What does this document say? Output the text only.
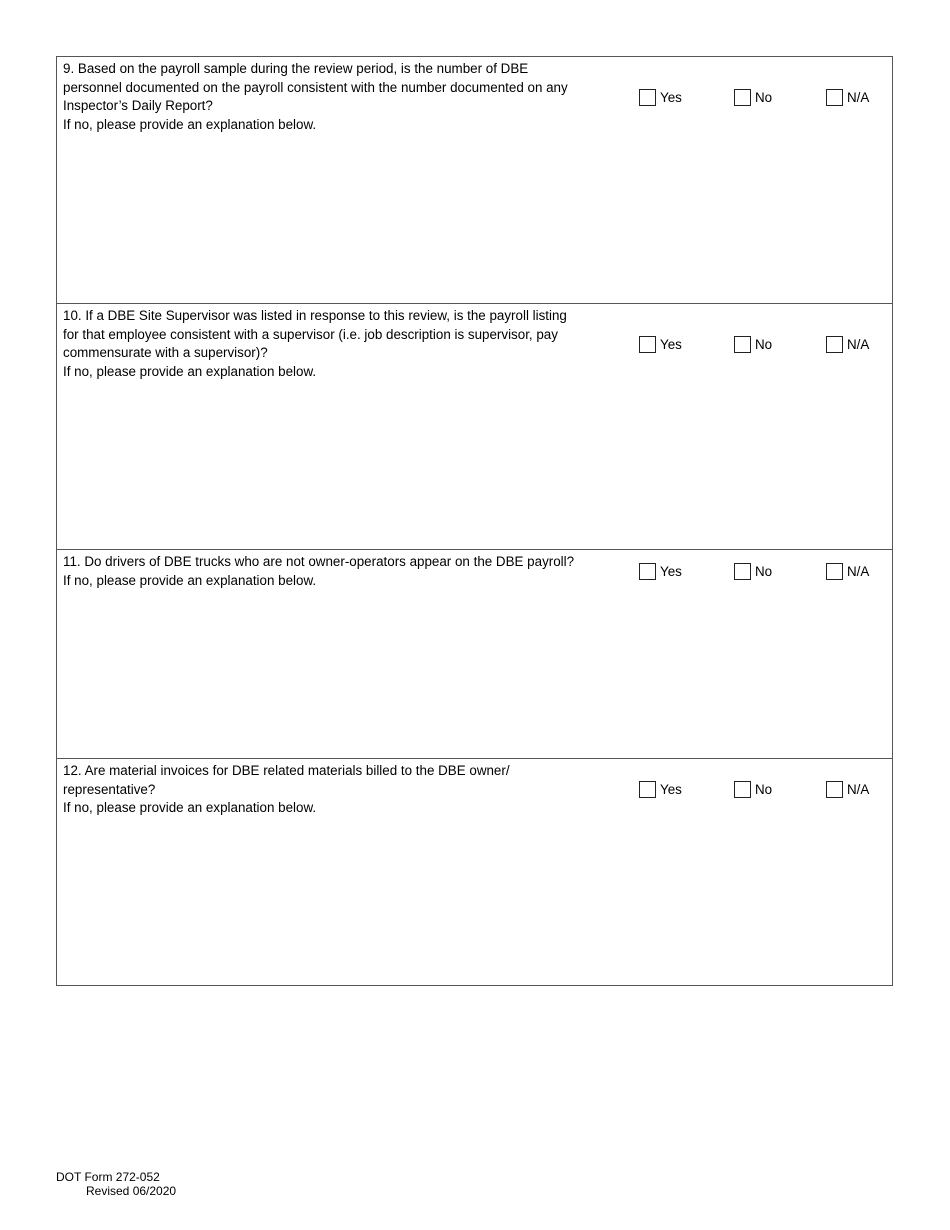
9. Based on the payroll sample during the review period, is the number of DBE
personnel documented on the payroll consistent with the number documented on any
Inspector’s Daily Report?
If no, please provide an explanation below.
Yes	No	N/A
10. If a DBE Site Supervisor was listed in response to this review, is the payroll listing
for that employee consistent with a supervisor (i.e. job description is supervisor, pay
commensurate with a supervisor)?
If no, please provide an explanation below.
Yes	No	N/A
11. Do drivers of DBE trucks who are not owner-operators appear on the DBE payroll?
If no, please provide an explanation below.
Yes	No	N/A
12. Are material invoices for DBE related materials billed to the DBE owner/
representative?
If no, please provide an explanation below.
Yes	No	N/A
DOT Form 272-052
Revised 06/2020
